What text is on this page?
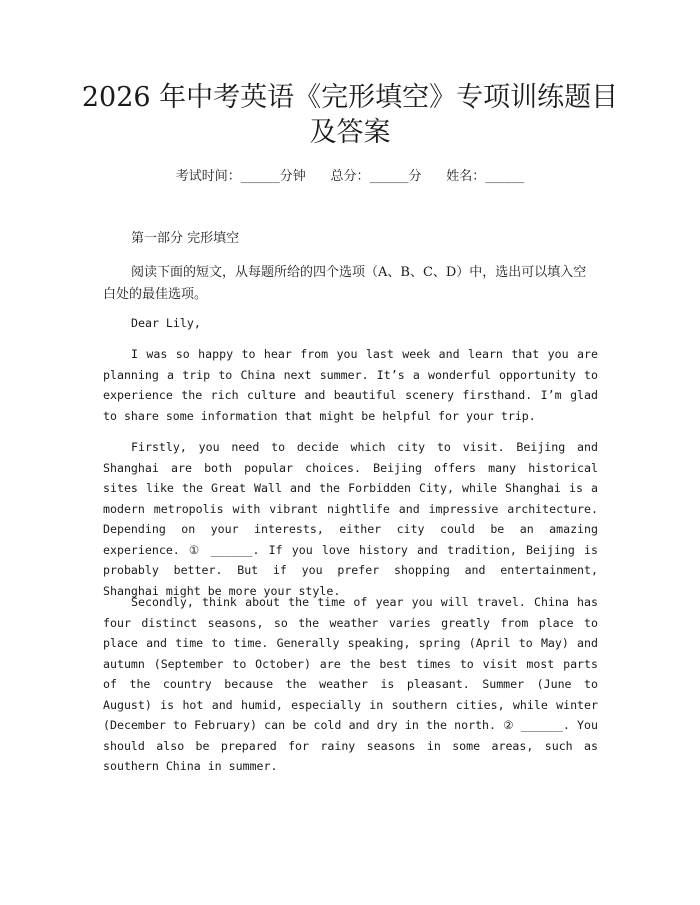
2026 年中考英语《完形填空》专项训练题目
及答案
考试时间：______分钟      总分：______分      姓名：______
第一部分 完形填空
阅读下面的短文，从每题所给的四个选项（A、B、C、D）中，选出可以填入空白处的最佳选项。
Dear Lily,
I was so happy to hear from you last week and learn that you are planning a trip to China next summer. It’s a wonderful opportunity to experience the rich culture and beautiful scenery firsthand. I’m glad to share some information that might be helpful for your trip.
Firstly, you need to decide which city to visit. Beijing and Shanghai are both popular choices. Beijing offers many historical sites like the Great Wall and the Forbidden City, while Shanghai is a modern metropolis with vibrant nightlife and impressive architecture. Depending on your interests, either city could be an amazing experience. ① ______. If you love history and tradition, Beijing is probably better. But if you prefer shopping and entertainment, Shanghai might be more your style.
Secondly, think about the time of year you will travel. China has four distinct seasons, so the weather varies greatly from place to place and time to time. Generally speaking, spring (April to May) and autumn (September to October) are the best times to visit most parts of the country because the weather is pleasant. Summer (June to August) is hot and humid, especially in southern cities, while winter (December to February) can be cold and dry in the north. ② ______. You should also be prepared for rainy seasons in some areas, such as southern China in summer.
